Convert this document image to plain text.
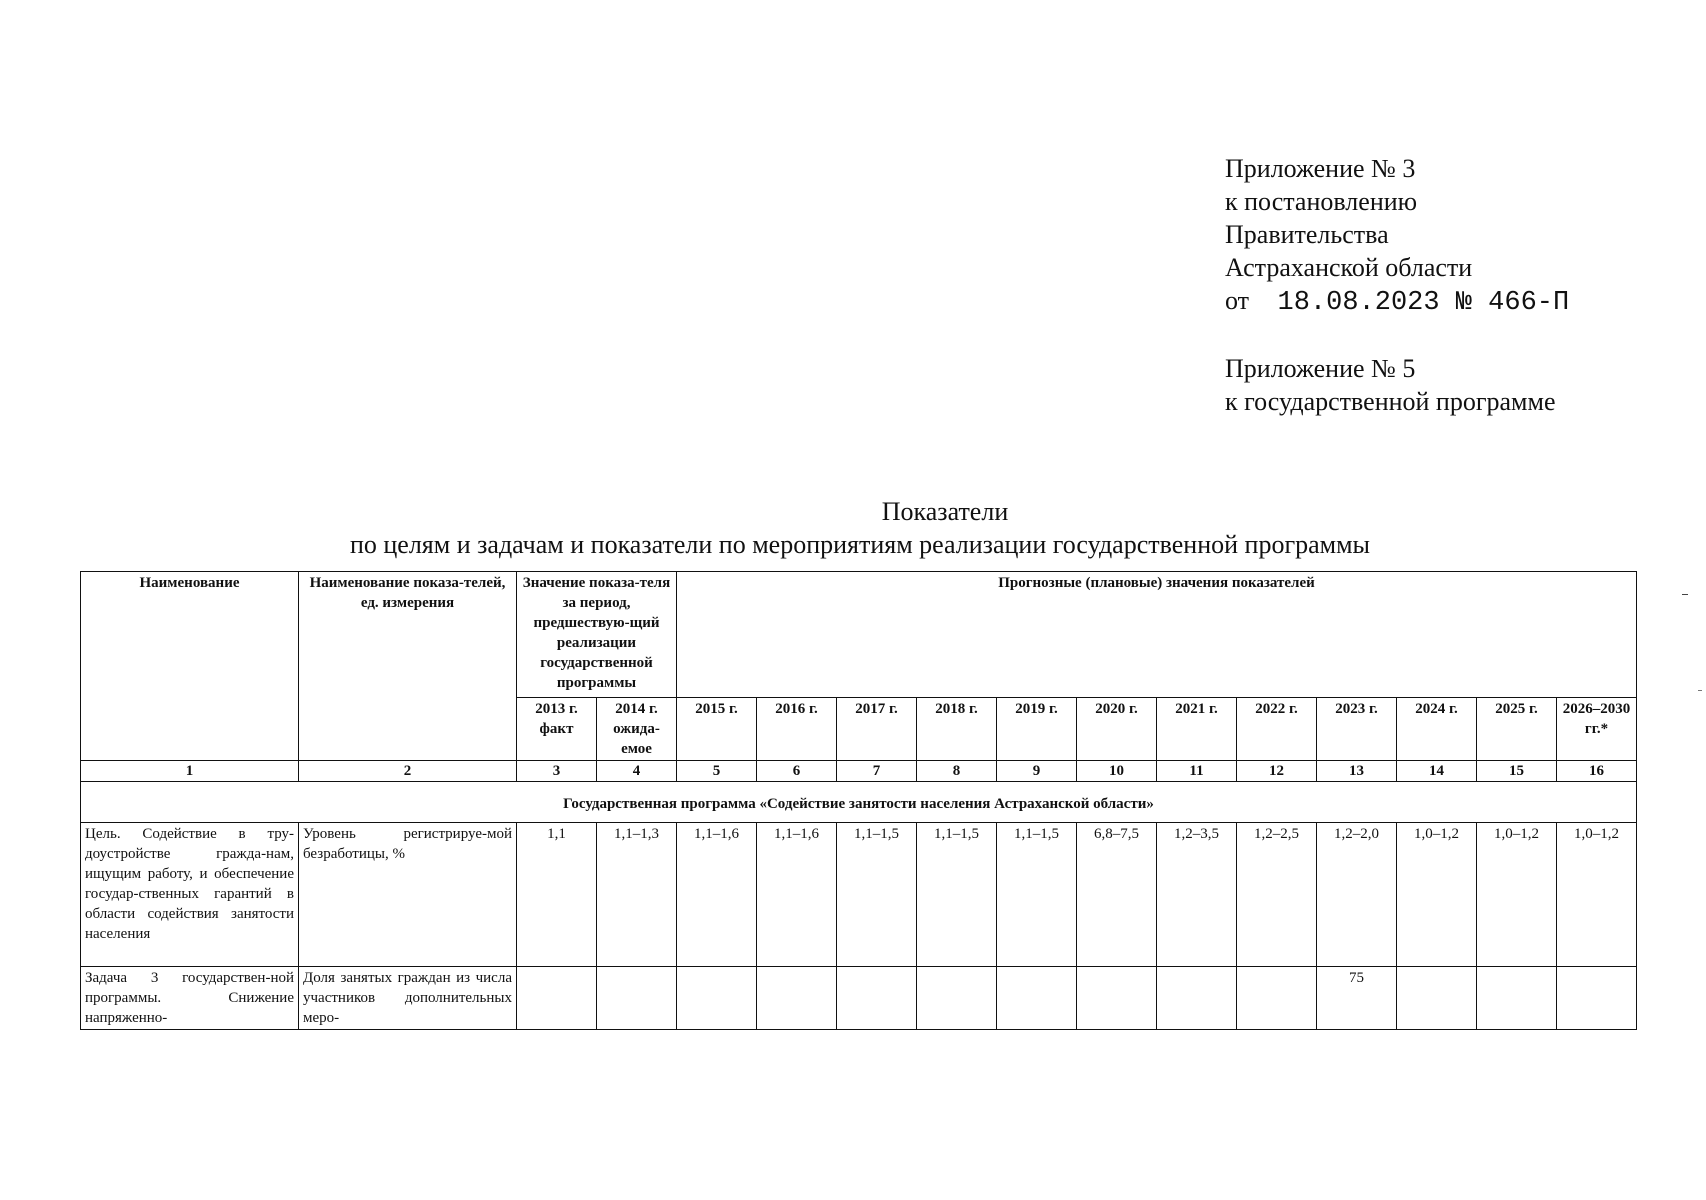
Приложение № 3
к постановлению
Правительства
Астраханской области
от 18.08.2023 № 466-П
Приложение № 5
к государственной программе
Показатели
по целям и задачам и показатели по мероприятиям реализации государственной программы
Наименование	Наименование показа-телей, ед. измерения	Значение показа-теля за период, предшествую-щий реализации государственной программы		Прогнозные (плановые) значения показателей											
		2013 г. факт	2014 г. ожида-емое	2015 г.	2016 г.	2017 г.	2018 г.	2019 г.	2020 г.	2021 г.	2022 г.	2023 г.	2024 г.	2025 г.	2026–2030 гг.*
1	2	3	4	5	6	7	8	9	10	11	12	13	14	15	16
Государственная программа «Содействие занятости населения Астраханской области»															
Цель. Содействие в тру-доустройстве гражда-нам, ищущим работу, и обеспечение государ-ственных гарантий в области содействия занятости населения	Уровень регистрируе-мой безработицы, %	1,1	1,1–1,3	1,1–1,6	1,1–1,6	1,1–1,5	1,1–1,5	1,1–1,5	6,8–7,5	1,2–3,5	1,2–2,5	1,2–2,0	1,0–1,2	1,0–1,2	1,0–1,2
Задача 3 государствен-ной программы. Снижение напряженно-	Доля занятых граждан из числа участников дополнительных меро-											75			
